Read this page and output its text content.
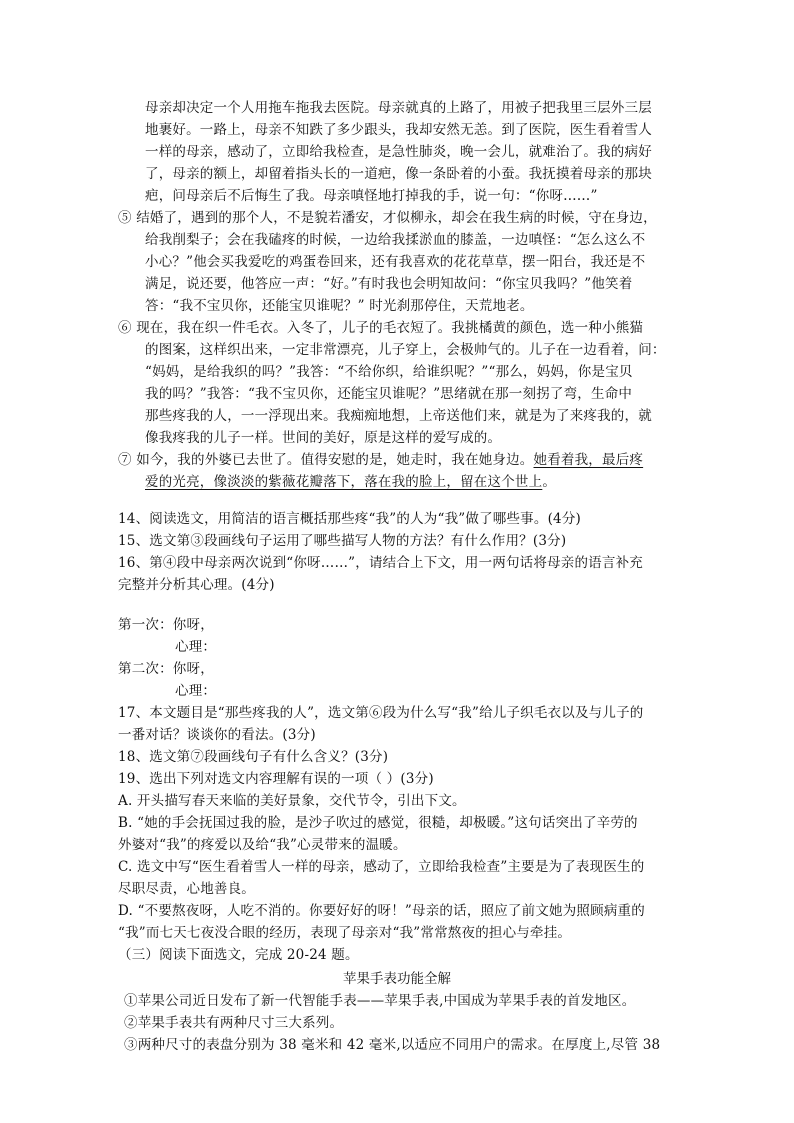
母亲却决定一个人用拖车拖我去医院。母亲就真的上路了，用被子把我里三层外三层
地裹好。一路上，母亲不知跌了多少跟头，我却安然无恙。到了医院，医生看着雪人
一样的母亲，感动了，立即给我检查，是急性肺炎，晚一会儿，就难治了。我的病好
了，母亲的额上，却留着指头长的一道疤，像一条卧着的小蚕。我抚摸着母亲的那块
疤，问母亲后不后悔生了我。母亲嗔怪地打掉我的手，说一句：“你呀……”
⑤ 结婚了，遇到的那个人，不是貌若潘安，才似柳永，却会在我生病的时候，守在身边，
给我削梨子；会在我磕疼的时候，一边给我揉淤血的膝盖，一边嗔怪：“怎么这么不
小心？”他会买我爱吃的鸡蛋卷回来，还有我喜欢的花花草草，摆一阳台，我还是不
满足，说还要，他答应一声：“好。”有时我也会明知故问：“你宝贝我吗？”他笑着
答：“我不宝贝你，还能宝贝谁呢？” 时光刹那停住，天荒地老。
⑥ 现在，我在织一件毛衣。入冬了，儿子的毛衣短了。我挑橘黄的颜色，选一种小熊猫
的图案，这样织出来，一定非常漂亮，儿子穿上，会极帅气的。儿子在一边看着，问：
“妈妈，是给我织的吗？”我答：“不给你织，给谁织呢？”“那么，妈妈，你是宝贝
我的吗？”我答：“我不宝贝你，还能宝贝谁呢？”思绪就在那一刻拐了弯，生命中
那些疼我的人，一一浮现出来。我痴痴地想，上帝送他们来，就是为了来疼我的，就
像我疼我的儿子一样。世间的美好，原是这样的爱写成的。
⑦ 如今，我的外婆已去世了。值得安慰的是，她走时，我在她身边。她看着我，最后疼
爱的光亮，像淡淡的紫薇花瓣落下，落在我的脸上，留在这个世上。
14、阅读选文，用简洁的语言概括那些疼“我”的人为“我”做了哪些事。(4分)
15、选文第③段画线句子运用了哪些描写人物的方法？有什么作用？(3分)
16、第④段中母亲两次说到“你呀……”，请结合上下文，用一两句话将母亲的语言补充
完整并分析其心理。(4分)
第一次：你呀，
心理：
第二次：你呀，
心理：
17、本文题目是“那些疼我的人”，选文第⑥段为什么写“我”给儿子织毛衣以及与儿子的
一番对话？谈谈你的看法。(3分)
18、选文第⑦段画线句子有什么含义？(3分)
19、选出下列对选文内容理解有误的一项（ ）(3分)
A. 开头描写春天来临的美好景象，交代节令，引出下文。
B. “她的手会抚国过我的脸，是沙子吹过的感觉，很糙，却极暖。”这句话突出了辛劳的
外婆对“我”的疼爱以及给“我”心灵带来的温暖。
C. 选文中写“医生看着雪人一样的母亲，感动了，立即给我检查”主要是为了表现医生的
尽职尽责，心地善良。
D. “不要熬夜呀，人吃不消的。你要好好的呀！”母亲的话，照应了前文她为照顾病重的
“我”而七天七夜没合眼的经历，表现了母亲对“我”常常熬夜的担心与牵挂。
（三）阅读下面选文，完成 20-24 题。
苹果手表功能全解
①苹果公司近日发布了新一代智能手表——苹果手表,中国成为苹果手表的首发地区。
②苹果手表共有两种尺寸三大系列。
③两种尺寸的表盘分别为 38 毫米和 42 毫米,以适应不同用户的需求。在厚度上,尽管 38
